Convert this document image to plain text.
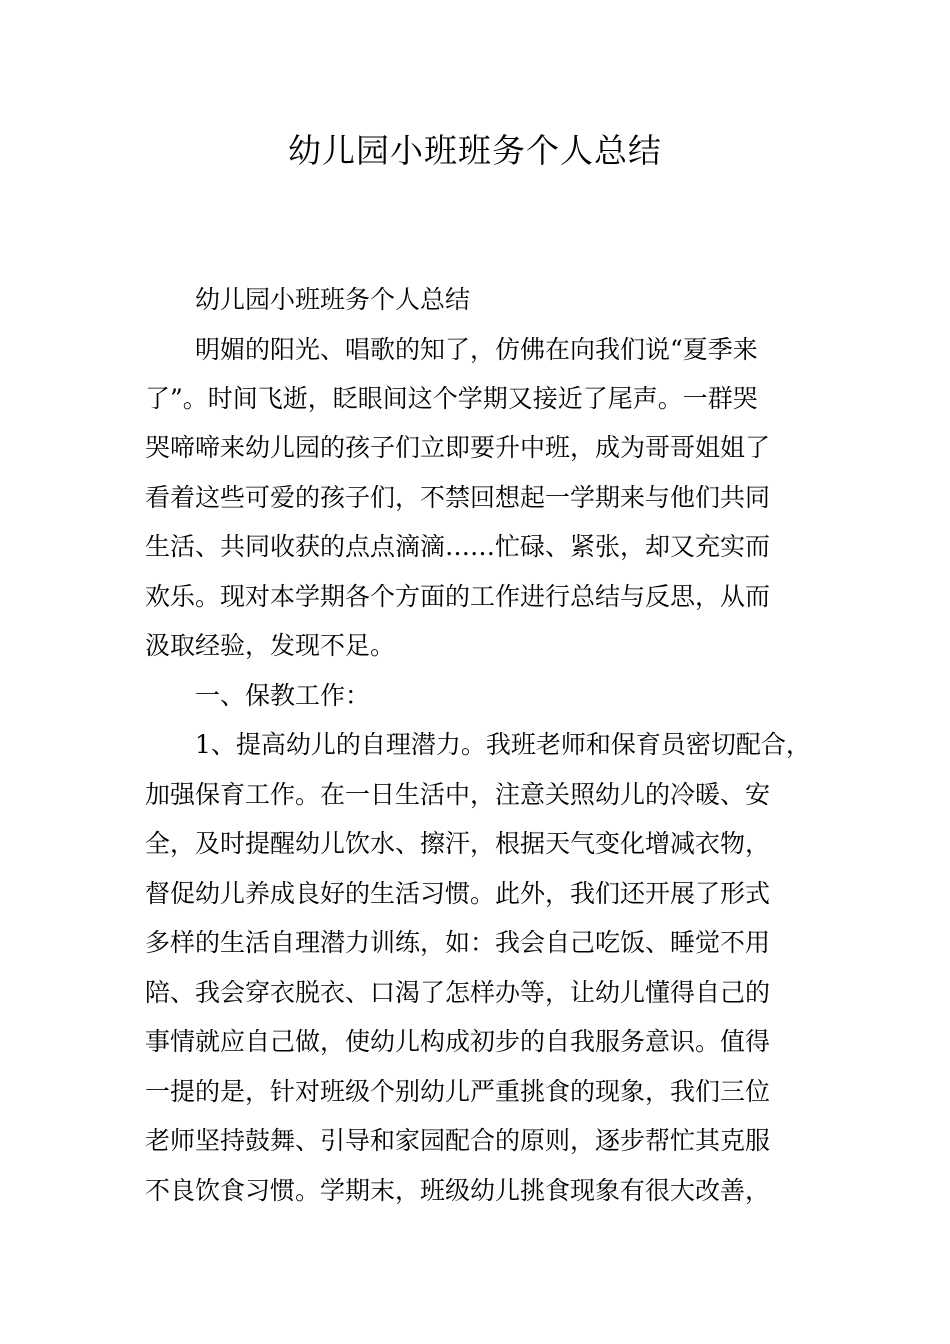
幼儿园小班班务个人总结

幼儿园小班班务个人总结

明媚的阳光、唱歌的知了，仿佛在向我们说“夏季来

了”。时间飞逝，眨眼间这个学期又接近了尾声。一群哭

哭啼啼来幼儿园的孩子们立即要升中班，成为哥哥姐姐了

看着这些可爱的孩子们，不禁回想起一学期来与他们共同

生活、共同收获的点点滴滴……忙碌、紧张，却又充实而

欢乐。现对本学期各个方面的工作进行总结与反思，从而

汲取经验，发现不足。

一、保教工作：

1、提高幼儿的自理潜力。我班老师和保育员密切配合，

加强保育工作。在一日生活中，注意关照幼儿的冷暖、安

全，及时提醒幼儿饮水、擦汗，根据天气变化增减衣物，

督促幼儿养成良好的生活习惯。此外，我们还开展了形式

多样的生活自理潜力训练，如：我会自己吃饭、睡觉不用

陪、我会穿衣脱衣、口渴了怎样办等，让幼儿懂得自己的

事情就应自己做，使幼儿构成初步的自我服务意识。值得

一提的是，针对班级个别幼儿严重挑食的现象，我们三位

老师坚持鼓舞、引导和家园配合的原则，逐步帮忙其克服

不良饮食习惯。学期末，班级幼儿挑食现象有很大改善，
